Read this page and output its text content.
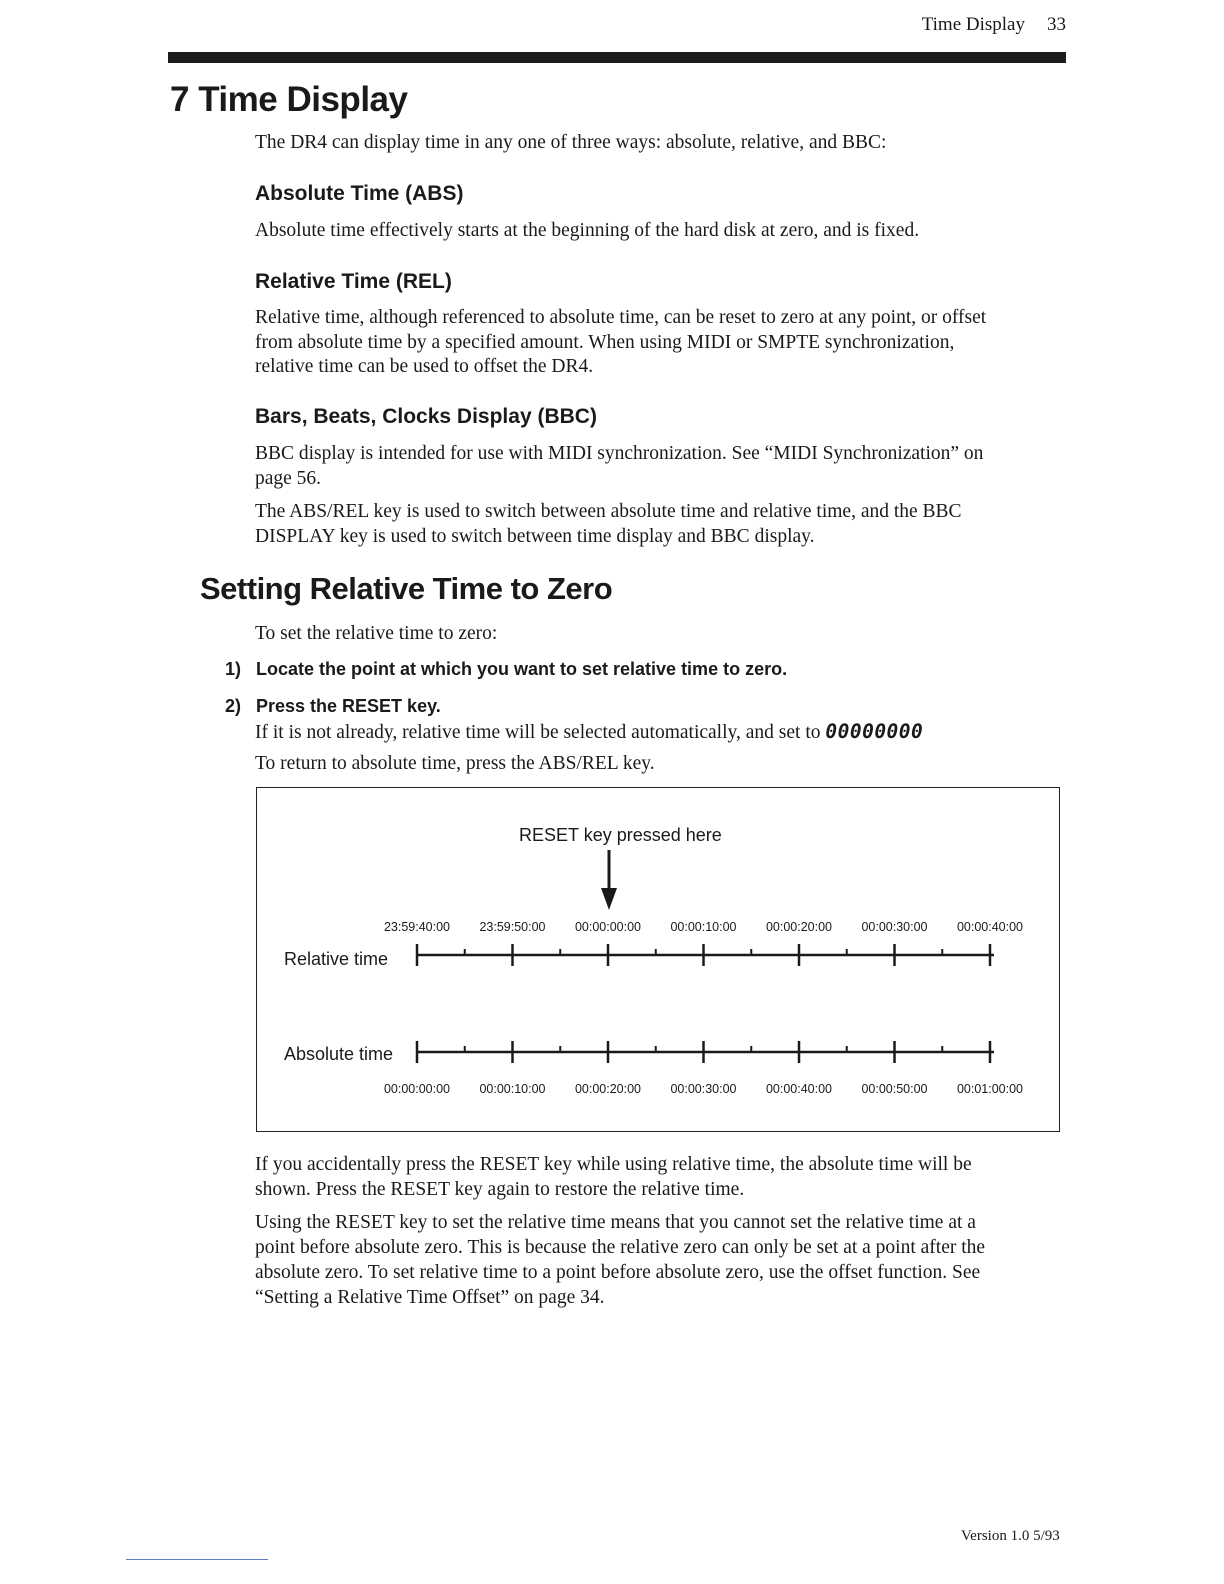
Time Display 33
7 Time Display
The DR4 can display time in any one of three ways: absolute, relative, and BBC:
Absolute Time (ABS)
Absolute time effectively starts at the beginning of the hard disk at zero, and is fixed.
Relative Time (REL)
Relative time, although referenced to absolute time, can be reset to zero at any point, or offset
from absolute time by a specified amount. When using MIDI or SMPTE synchronization,
relative time can be used to offset the DR4.
Bars, Beats, Clocks Display (BBC)
BBC display is intended for use with MIDI synchronization. See “MIDI Synchronization” on
page 56.
The ABS/REL key is used to switch between absolute time and relative time, and the BBC
DISPLAY key is used to switch between time display and BBC display.
Setting Relative Time to Zero
To set the relative time to zero:
1) Locate the point at which you want to set relative time to zero.
2) Press the RESET key.
If it is not already, relative time will be selected automatically, and set to 00000000
To return to absolute time, press the ABS/REL key.
RESET key pressed here
Relative time
Absolute time
23:59:40:00 23:59:50:00 00:00:00:00 00:00:10:00 00:00:20:00 00:00:30:00 00:00:40:00
00:00:00:00 00:00:10:00 00:00:20:00 00:00:30:00 00:00:40:00 00:00:50:00 00:01:00:00
If you accidentally press the RESET key while using relative time, the absolute time will be
shown. Press the RESET key again to restore the relative time.
Using the RESET key to set the relative time means that you cannot set the relative time at a
point before absolute zero. This is because the relative zero can only be set at a point after the
absolute zero. To set relative time to a point before absolute zero, use the offset function. See
“Setting a Relative Time Offset” on page 34.
Version 1.0 5/93
